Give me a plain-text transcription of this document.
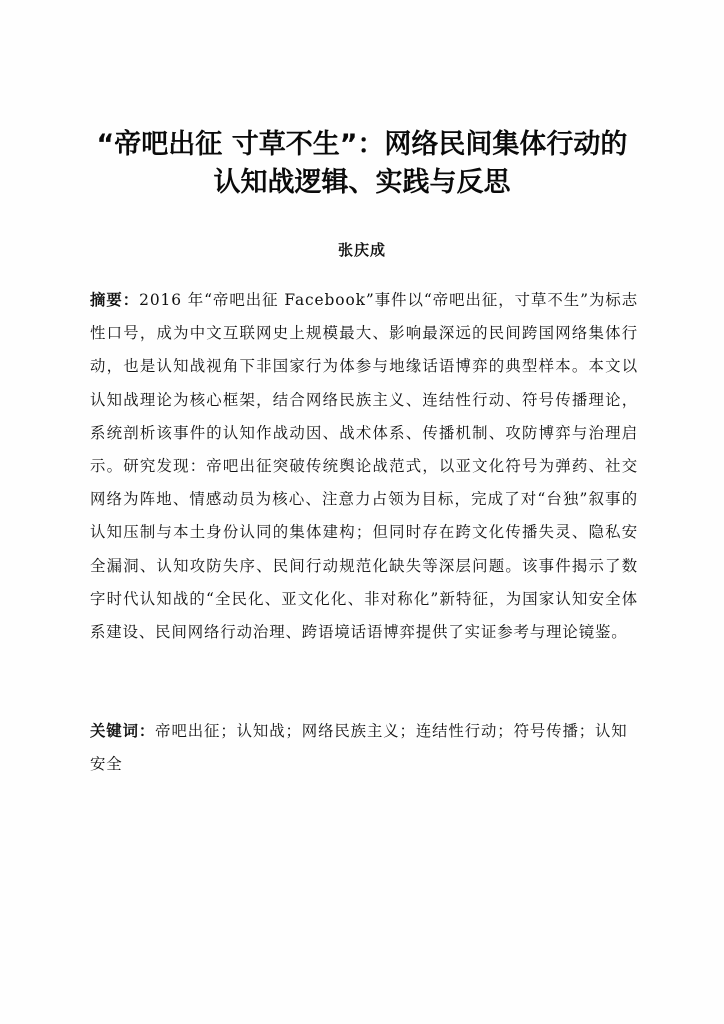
“帝吧出征 寸草不生”：网络民间集体行动的
认知战逻辑、实践与反思
张庆成
摘要：2016 年“帝吧出征 Facebook”事件以“帝吧出征，寸草不生”为标志性口号，成为中文互联网史上规模最大、影响最深远的民间跨国网络集体行动，也是认知战视角下非国家行为体参与地缘话语博弈的典型样本。本文以认知战理论为核心框架，结合网络民族主义、连结性行动、符号传播理论，系统剖析该事件的认知作战动因、战术体系、传播机制、攻防博弈与治理启示。研究发现：帝吧出征突破传统舆论战范式，以亚文化符号为弹药、社交网络为阵地、情感动员为核心、注意力占领为目标，完成了对“台独”叙事的认知压制与本土身份认同的集体建构；但同时存在跨文化传播失灵、隐私安全漏洞、认知攻防失序、民间行动规范化缺失等深层问题。该事件揭示了数字时代认知战的“全民化、亚文化化、非对称化”新特征，为国家认知安全体系建设、民间网络行动治理、跨语境话语博弈提供了实证参考与理论镜鉴。
关键词：帝吧出征；认知战；网络民族主义；连结性行动；符号传播；认知安全
